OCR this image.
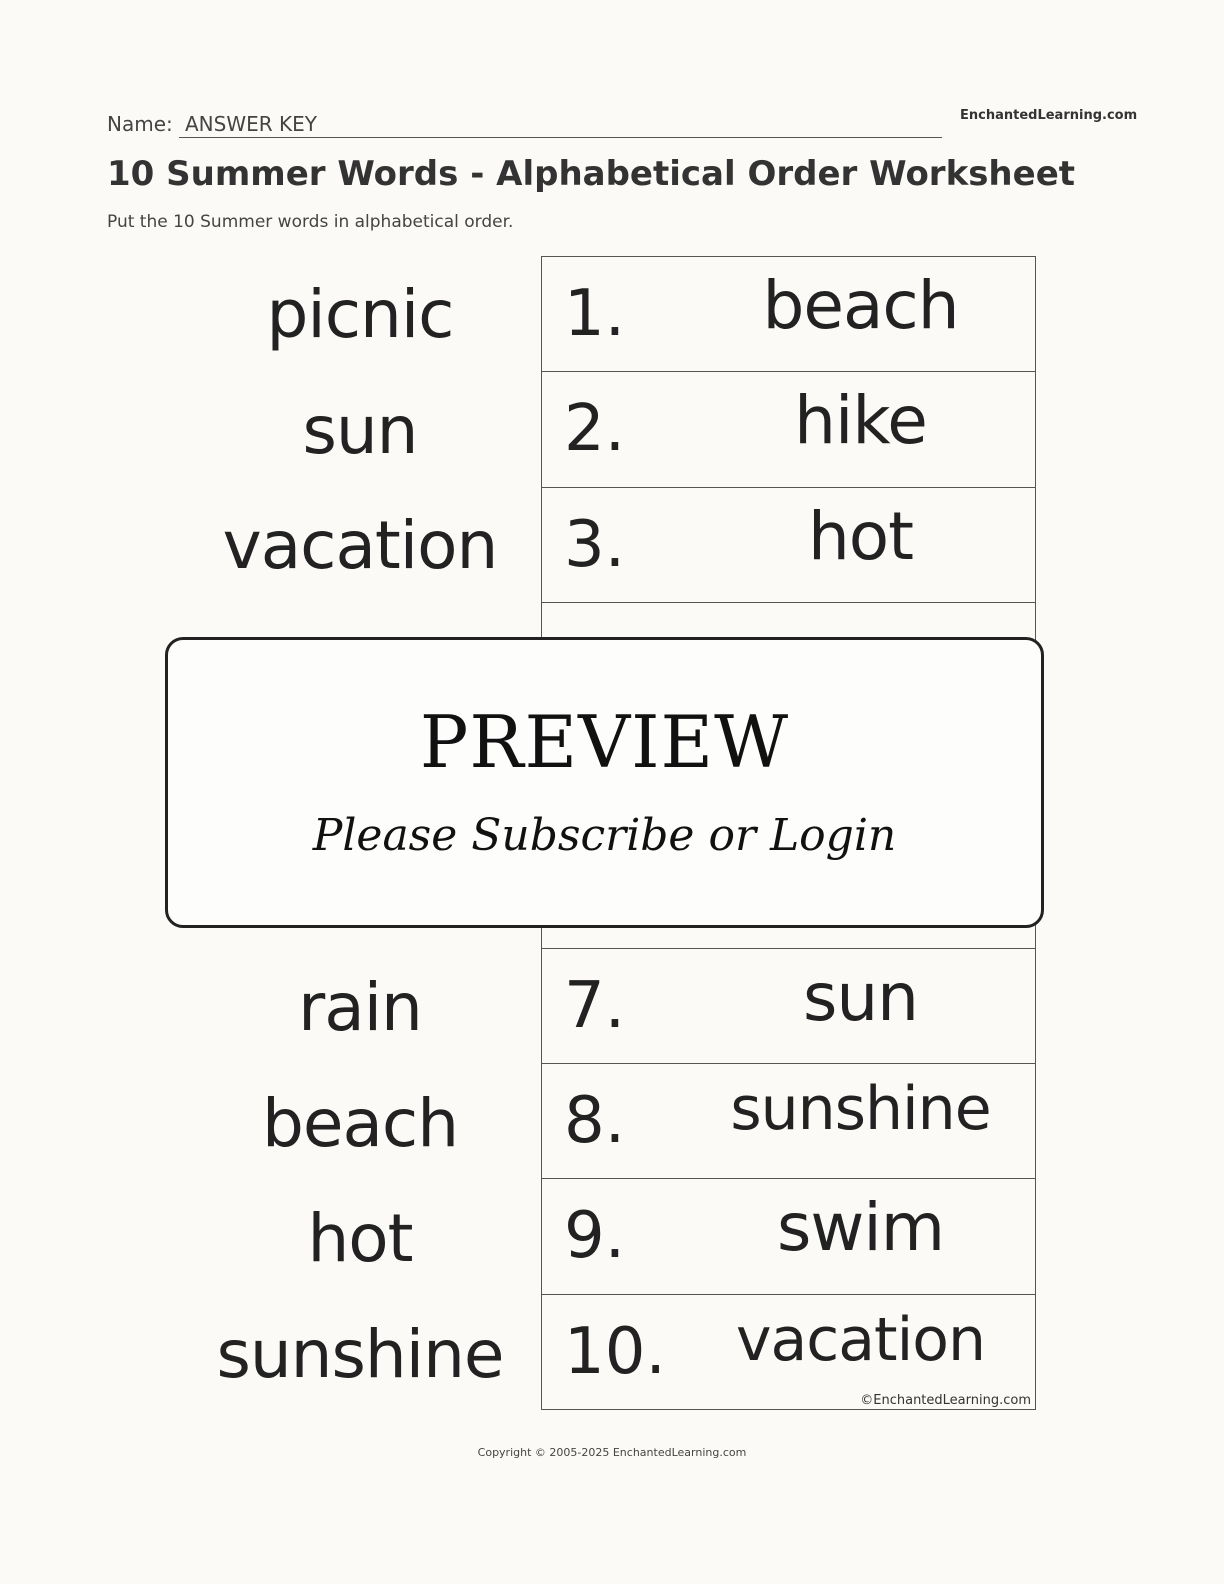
Name: ANSWER KEY	EnchantedLearning.com
10 Summer Words - Alphabetical Order Worksheet
Put the 10 Summer words in alphabetical order.
picnic
sun
vacation
rain
beach
hot
sunshine
1.	beach
2.	hike
3.	hot
7.	sun
8.	sunshine
9.	swim
10.	vacation
©EnchantedLearning.com
PREVIEW
Please Subscribe or Login
Copyright © 2005-2025 EnchantedLearning.com
